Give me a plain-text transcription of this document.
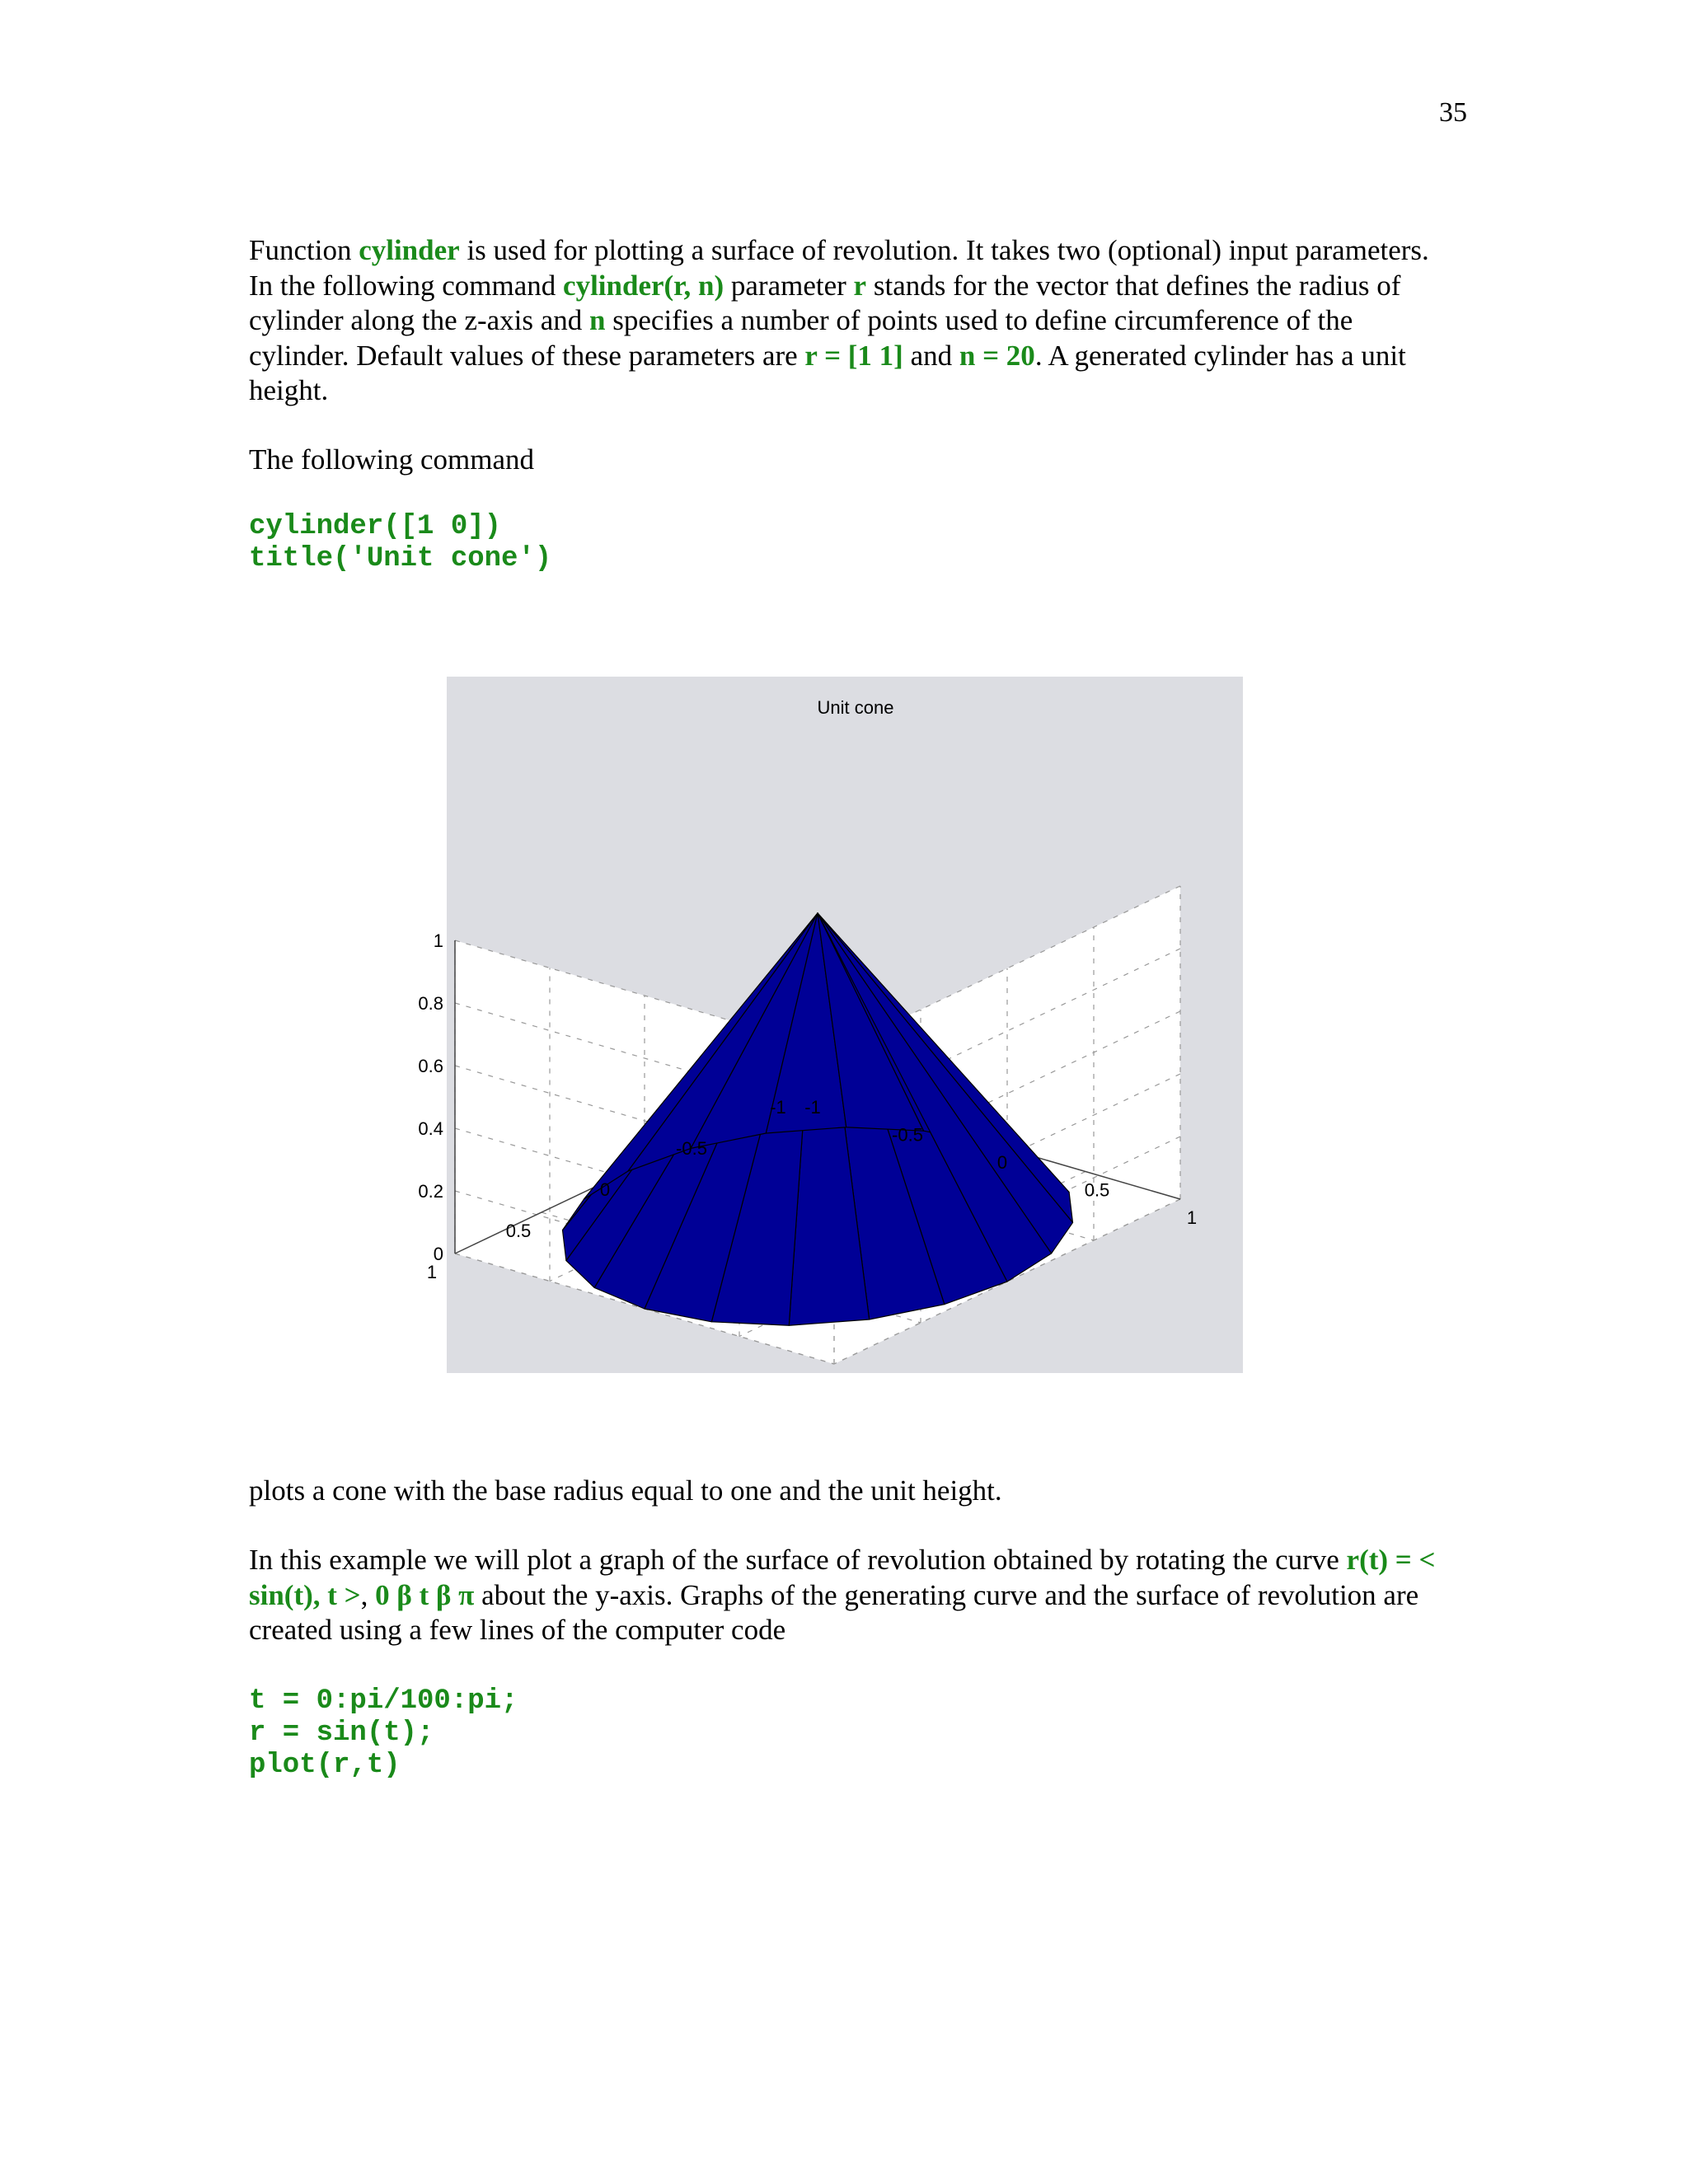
35

Function cylinder is used for plotting a surface of revolution. It takes two (optional) input parameters. In the following command cylinder(r, n) parameter r stands for the vector that defines the radius of cylinder along the z-axis and n specifies a number of points used to define circumference of the cylinder. Default values of these parameters are r = [1 1] and n = 20. A generated cylinder has a unit height.

The following command

cylinder([1 0])
title('Unit cone')
0
0.2
0.4
0.6
0.8
1
1
0.5
0
-0.5
-1 -1
-0.5
0
0.5
1
Unit cone

plots a cone with the base radius equal to one and the unit height.

In this example we will plot a graph of the surface of revolution obtained by rotating the curve r(t) = < sin(t), t >, 0 β t β π about the y-axis. Graphs of the generating curve and the surface of revolution are created using a few lines of the computer code

t = 0:pi/100:pi;
r = sin(t);
plot(r,t)
